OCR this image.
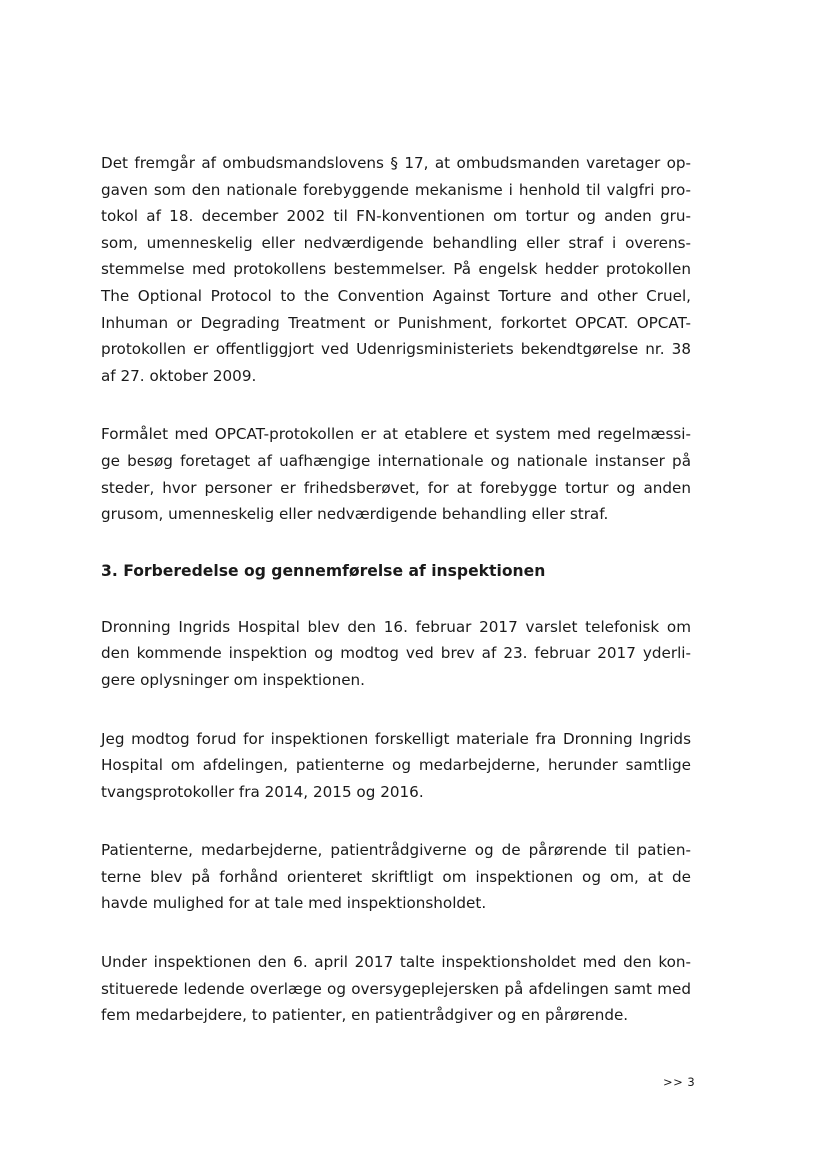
Det fremgår af ombudsmandslovens § 17, at ombudsmanden varetager op-
gaven som den nationale forebyggende mekanisme i henhold til valgfri pro-
tokol af 18. december 2002 til FN-konventionen om tortur og anden gru-
som, umenneskelig eller nedværdigende behandling eller straf i overens-
stemmelse med protokollens bestemmelser. På engelsk hedder protokollen
The Optional Protocol to the Convention Against Torture and other Cruel,
Inhuman or Degrading Treatment or Punishment, forkortet OPCAT. OPCAT-
protokollen er offentliggjort ved Udenrigsministeriets bekendtgørelse nr. 38
af 27. oktober 2009.

Formålet med OPCAT-protokollen er at etablere et system med regelmæssi-
ge besøg foretaget af uafhængige internationale og nationale instanser på
steder, hvor personer er frihedsberøvet, for at forebygge tortur og anden
grusom, umenneskelig eller nedværdigende behandling eller straf.

3. Forberedelse og gennemførelse af inspektionen

Dronning Ingrids Hospital blev den 16. februar 2017 varslet telefonisk om
den kommende inspektion og modtog ved brev af 23. februar 2017 yderli-
gere oplysninger om inspektionen.

Jeg modtog forud for inspektionen forskelligt materiale fra Dronning Ingrids
Hospital om afdelingen, patienterne og medarbejderne, herunder samtlige
tvangsprotokoller fra 2014, 2015 og 2016.

Patienterne, medarbejderne, patientrådgiverne og de pårørende til patien-
terne blev på forhånd orienteret skriftligt om inspektionen og om, at de
havde mulighed for at tale med inspektionsholdet.

Under inspektionen den 6. april 2017 talte inspektionsholdet med den kon-
stituerede ledende overlæge og oversygeplejersken på afdelingen samt med
fem medarbejdere, to patienter, en patientrådgiver og en pårørende.

>> 3
